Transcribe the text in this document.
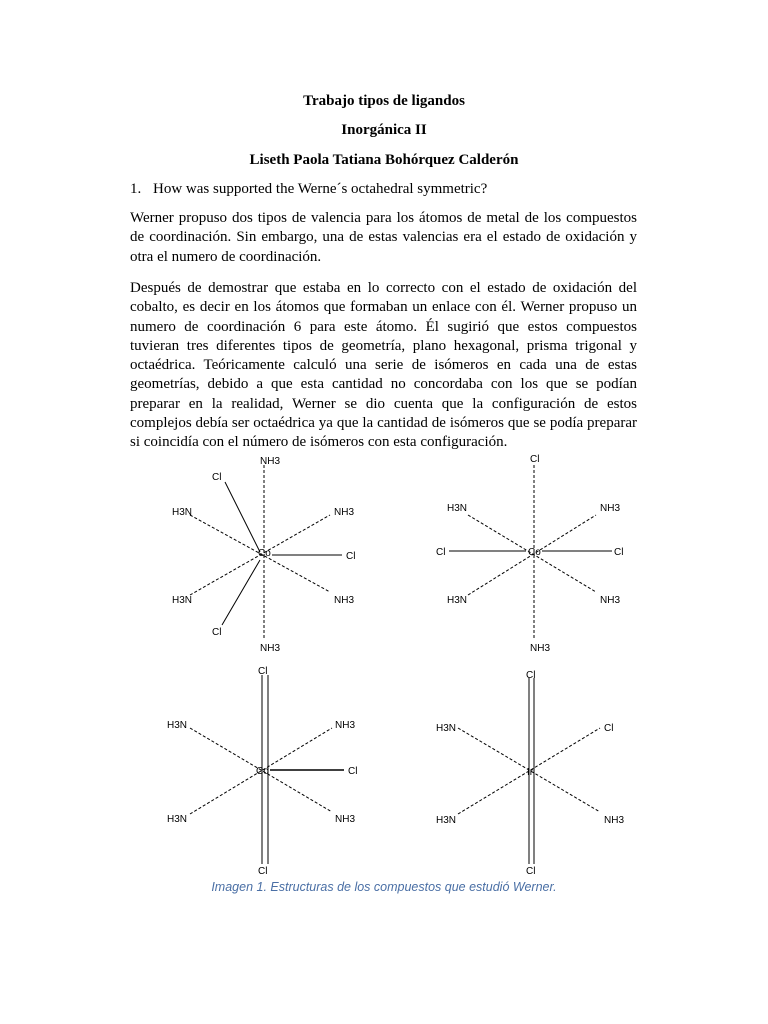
Trabajo tipos de ligandos
Inorgánica II
Liseth Paola Tatiana Bohórquez Calderón
1. How was supported the Werne´s octahedral symmetric?

Werner propuso dos tipos de valencia para los átomos de metal de los compuestos de coordinación. Sin embargo, una de estas valencias era el estado de oxidación y otra el numero de coordinación.

Después de demostrar que estaba en lo correcto con el estado de oxidación del cobalto, es decir en los átomos que formaban un enlace con él. Werner propuso un numero de coordinación 6 para este átomo. Él sugirió que estos compuestos tuvieran tres diferentes tipos de geometría, plano hexagonal, prisma trigonal y octaédrica. Teóricamente calculó una serie de isómeros en cada una de estas geometrías, debido a que esta cantidad no concordaba con los que se podían preparar en la realidad, Werner se dio cuenta que la configuración de estos complejos debía ser octaédrica ya que la cantidad de isómeros que se podía preparar si coincidía con el número de isómeros con esta configuración.

Co
NH3
NH3
H3N	NH3
H3N	NH3
Cl
Cl
Cl	Co
Cl
NH3
H3N	NH3
H3N	NH3
Cl	Cl
Co
Cl
Cl
H3N	NH3
H3N	NH3
Cl	Ir
Cl
Cl
H3N	Cl
H3N	NH3
Imagen 1. Estructuras de los compuestos que estudió Werner.
